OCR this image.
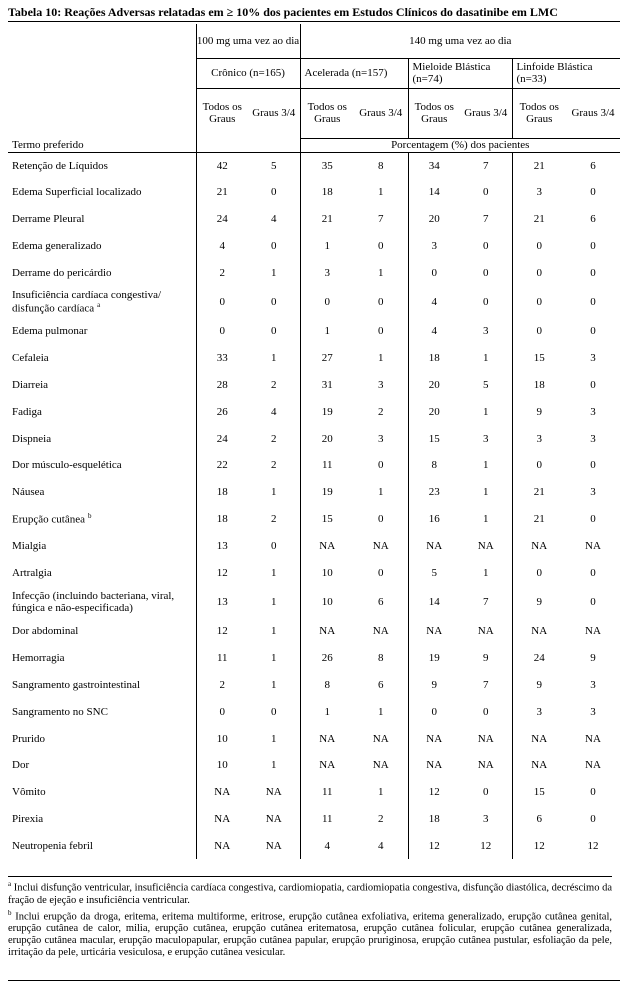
Tabela 10: Reações Adversas relatadas em ≥ 10% dos pacientes em Estudos Clínicos do dasatinibe em LMC
	100 mg uma vez ao dia		140 mg uma vez ao dia					
	Crônico (n=165)		Acelerada (n=157)		Mieloide Blástica (n=74)		Linfoide Blástica (n=33)	
	Todos os Graus	Graus 3/4	Todos os Graus	Graus 3/4	Todos os Graus	Graus 3/4	Todos os Graus	Graus 3/4
Termo preferido			Porcentagem (%) dos pacientes					
Retenção de Líquidos	42	5	35	8	34	7	21	6
Edema Superficial localizado	21	0	18	1	14	0	3	0
Derrame Pleural	24	4	21	7	20	7	21	6
Edema generalizado	4	0	1	0	3	0	0	0
Derrame do pericárdio	2	1	3	1	0	0	0	0
Insuficiência cardíaca congestiva/ disfunção cardíaca $^a$	0	0	0	0	4	0	0	0
Edema pulmonar	0	0	1	0	4	3	0	0
Cefaleia	33	1	27	1	18	1	15	3
Diarreia	28	2	31	3	20	5	18	0
Fadiga	26	4	19	2	20	1	9	3
Dispneia	24	2	20	3	15	3	3	3
Dor músculo-esquelética	22	2	11	0	8	1	0	0
Náusea	18	1	19	1	23	1	21	3
Erupção cutânea $^b$	18	2	15	0	16	1	21	0
Mialgia	13	0	NA	NA	NA	NA	NA	NA
Artralgia	12	1	10	0	5	1	0	0
Infecção (incluindo bacteriana, viral, fúngica e não-especificada)	13	1	10	6	14	7	9	0
Dor abdominal	12	1	NA	NA	NA	NA	NA	NA
Hemorragia	11	1	26	8	19	9	24	9
Sangramento gastrointestinal	2	1	8	6	9	7	9	3
Sangramento no SNC	0	0	1	1	0	0	3	3
Prurido	10	1	NA	NA	NA	NA	NA	NA
Dor	10	1	NA	NA	NA	NA	NA	NA
Vômito	NA	NA	11	1	12	0	15	0
Pirexia	NA	NA	11	2	18	3	6	0
Neutropenia febril	NA	NA	4	4	12	12	12	12

$^a$ Inclui disfunção ventricular, insuficiência cardíaca congestiva, cardiomiopatia, cardiomiopatia congestiva, disfunção diastólica, decréscimo da fração de ejeção e insuficiência ventricular.

$^b$ Inclui erupção da droga, eritema, eritema multiforme, eritrose, erupção cutânea exfoliativa, eritema generalizado, erupção cutânea genital, erupção cutânea de calor, milia, erupção cutânea, erupção cutânea eritematosa, erupção cutânea folicular, erupção cutânea generalizada, erupção cutânea macular, erupção maculopapular, erupção cutânea papular, erupção pruriginosa, erupção cutânea pustular, esfoliação da pele, irritação da pele, urticária vesiculosa, e erupção cutânea vesicular.
